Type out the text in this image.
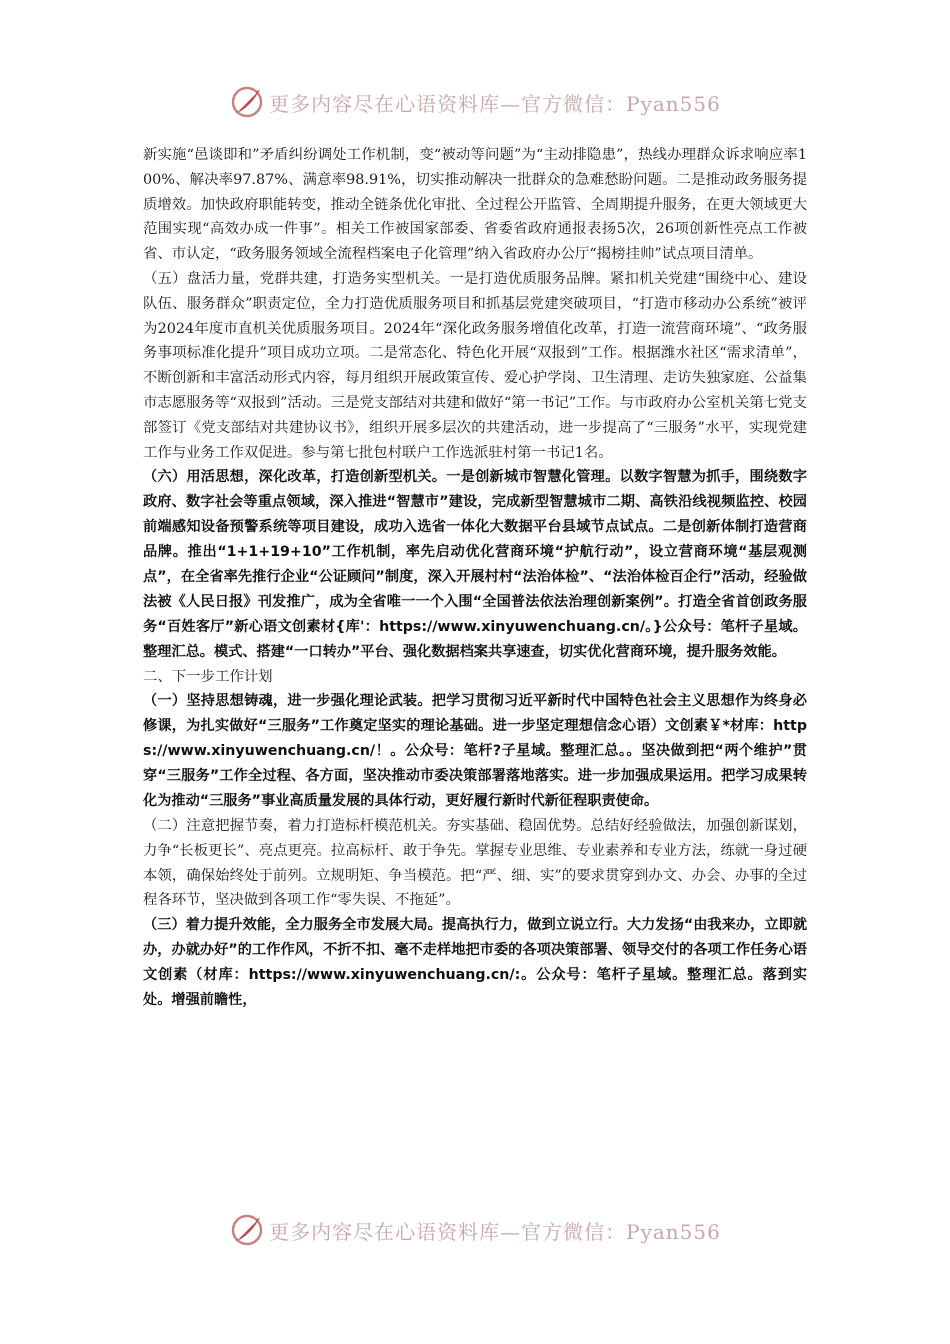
更多内容尽在心语资料库—官方微信：Pyan556

新实施“邑谈即和”矛盾纠纷调处工作机制，变“被动等问题”为“主动排隐患”，热线办理群众诉求响应率100%、解决率97.87%、满意率98.91%，切实推动解决一批群众的急难愁盼问题。二是推动政务服务提质增效。加快政府职能转变，推动全链条优化审批、全过程公开监管、全周期提升服务，在更大领域更大范围实现“高效办成一件事”。相关工作被国家部委、省委省政府通报表扬5次，26项创新性亮点工作被省、市认定，“政务服务领域全流程档案电子化管理”纳入省政府办公厅“揭榜挂帅”试点项目清单。

（五）盘活力量，党群共建，打造务实型机关。一是打造优质服务品牌。紧扣机关党建“围绕中心、建设队伍、服务群众”职责定位，全力打造优质服务项目和抓基层党建突破项目，“打造市移动办公系统”被评为2024年度市直机关优质服务项目。2024年“深化政务服务增值化改革，打造一流营商环境”、“政务服务事项标准化提升”项目成功立项。二是常态化、特色化开展“双报到”工作。根据潍水社区“需求清单”，不断创新和丰富活动形式内容，每月组织开展政策宣传、爱心护学岗、卫生清理、走访失独家庭、公益集市志愿服务等“双报到”活动。三是党支部结对共建和做好“第一书记”工作。与市政府办公室机关第七党支部签订《党支部结对共建协议书》，组织开展多层次的共建活动，进一步提高了“三服务”水平，实现党建工作与业务工作双促进。参与第七批包村联户工作选派驻村第一书记1名。

（六）用活思想，深化改革，打造创新型机关。一是创新城市智慧化管理。以数字智慧为抓手，围绕数字政府、数字社会等重点领域，深入推进“智慧市”建设，完成新型智慧城市二期、高铁沿线视频监控、校园前端感知设备预警系统等项目建设，成功入选省一体化大数据平台县域节点试点。二是创新体制打造营商品牌。推出“1+1+19+10”工作机制，率先启动优化营商环境“护航行动”，设立营商环境“基层观测点”，在全省率先推行企业“公证顾问”制度，深入开展村村“法治体检”、“法治体检百企行”活动，经验做法被《人民日报》刊发推广，成为全省唯一一个入围“全国普法依法治理创新案例”。打造全省首创政务服务“百姓客厅”新心语文创素材{库'：https://www.xinyuwenchuang.cn/。}公众号：笔杆子星域。整理汇总。模式、搭建“一口转办”平台、强化数据档案共享速查，切实优化营商环境，提升服务效能。

二、下一步工作计划

（一）坚持思想铸魂，进一步强化理论武装。把学习贯彻习近平新时代中国特色社会主义思想作为终身必修课，为扎实做好“三服务”工作奠定坚实的理论基础。进一步坚定理想信念心语）文创素￥*材库：https://www.xinyuwenchuang.cn/！。公众号：笔杆?子星域。整理汇总。。坚决做到把“两个维护”贯穿“三服务”工作全过程、各方面，坚决推动市委决策部署落地落实。进一步加强成果运用。把学习成果转化为推动“三服务”事业高质量发展的具体行动，更好履行新时代新征程职责使命。

（二）注意把握节奏，着力打造标杆模范机关。夯实基础、稳固优势。总结好经验做法，加强创新谋划，力争“长板更长”、亮点更亮。拉高标杆、敢于争先。掌握专业思维、专业素养和专业方法，练就一身过硬本领，确保始终处于前列。立规明矩、争当模范。把“严、细、实”的要求贯穿到办文、办会、办事的全过程各环节，坚决做到各项工作“零失误、不拖延”。

（三）着力提升效能，全力服务全市发展大局。提高执行力，做到立说立行。大力发扬“由我来办，立即就办，办就办好”的工作作风，不折不扣、毫不走样地把市委的各项决策部署、领导交付的各项工作任务心语文创素（材库：https://www.xinyuwenchuang.cn/:。公众号：笔杆子星域。整理汇总。落到实处。增强前瞻性，

更多内容尽在心语资料库—官方微信：Pyan556
